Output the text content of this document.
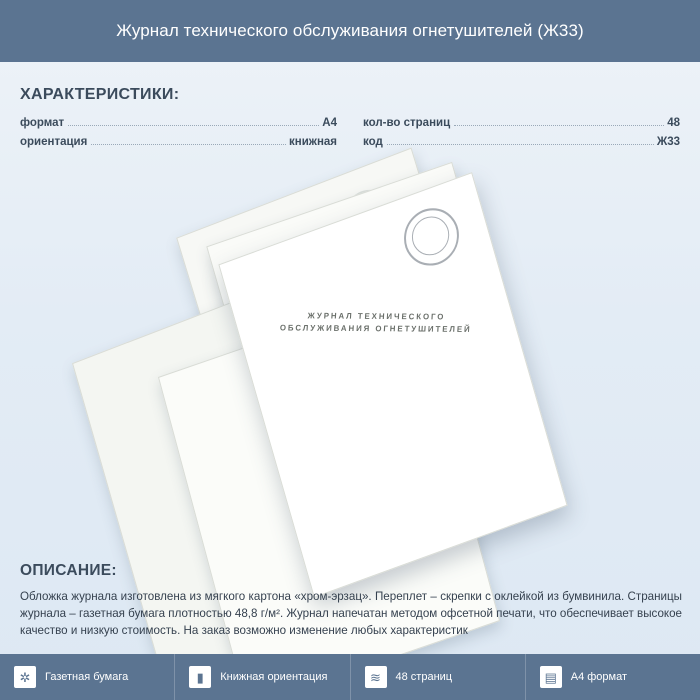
Журнал технического обслуживания огнетушителей (Ж33)
ХАРАКТЕРИСТИКИ:
формат	А4
ориентация	книжная
кол-во страниц	48
код	Ж33
ЖУРНАЛ ТЕХНИЧЕСКОГО ОБСЛУЖИВАНИЯ ОГНЕТУШИТЕЛЕЙ
ОПИСАНИЕ:
Обложка журнала изготовлена из мягкого картона «хром-эрзац». Переплет – скрепки с оклейкой из бумвинила. Страницы журнала – газетная бумага плотностью 48,8 г/м². Журнал напечатан методом офсетной печати, что обеспечивает высокое качество и низкую стоимость. На заказ возможно изменение любых характеристик
✲	Газетная бумага	▮	Книжная ориентация	≋	48 страниц	▤	А4 формат
